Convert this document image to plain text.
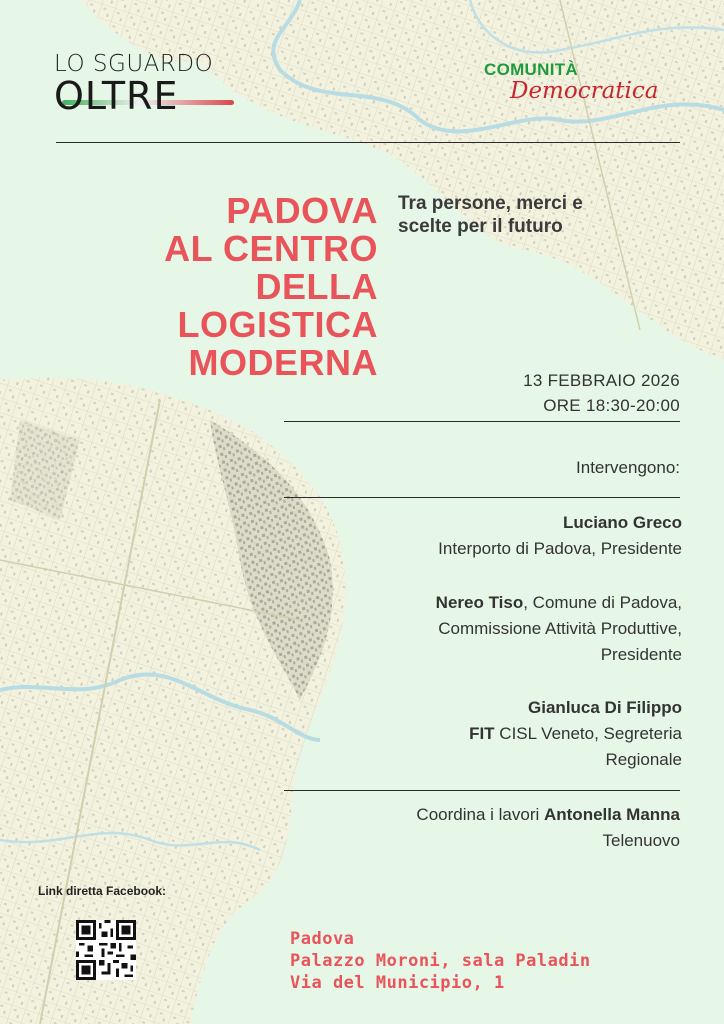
LO SGUARDO
OLTRE
COMUNITÀ
Democratica
PADOVA
AL CENTRO
DELLA
LOGISTICA
MODERNA
Tra persone, merci e
scelte per il futuro
13 FEBBRAIO 2026
ORE 18:30-20:00
Intervengono:
Luciano Greco
Interporto di Padova, Presidente
Nereo Tiso, Comune di Padova,
Commissione Attività Produttive,
Presidente
Gianluca Di Filippo
FIT CISL Veneto, Segreteria
Regionale
Coordina i lavori Antonella Manna
Telenuovo
Link diretta Facebook:
Padova
Palazzo Moroni, sala Paladin
Via del Municipio, 1
